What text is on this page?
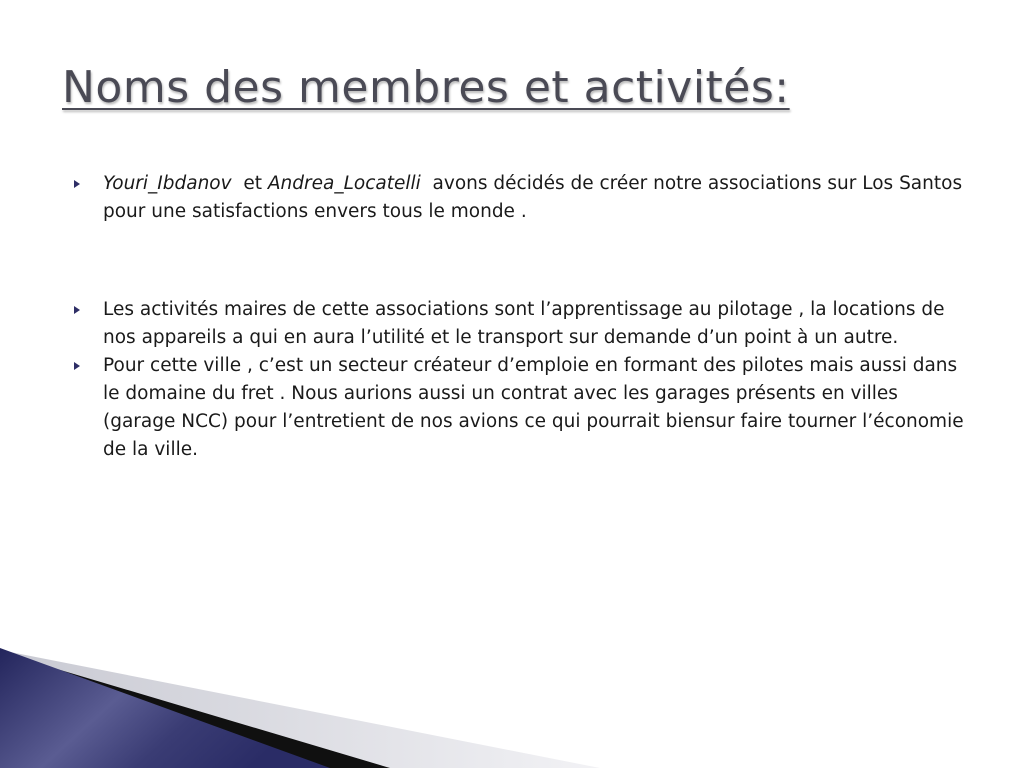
Noms des membres et activités:
Youri_Ibdanov et Andrea_Locatelli avons décidés de créer notre associations sur Los Santos pour une satisfactions envers tous le monde .
Les activités maires de cette associations sont l’apprentissage au pilotage , la locations de nos appareils a qui en aura l’utilité et le transport sur demande d’un point à un autre.
Pour cette ville , c’est un secteur créateur d’emploie en formant des pilotes mais aussi dans le domaine du fret . Nous aurions aussi un contrat avec les garages présents en villes (garage NCC) pour l’entretient de nos avions ce qui pourrait biensur faire tourner l’économie de la ville.
